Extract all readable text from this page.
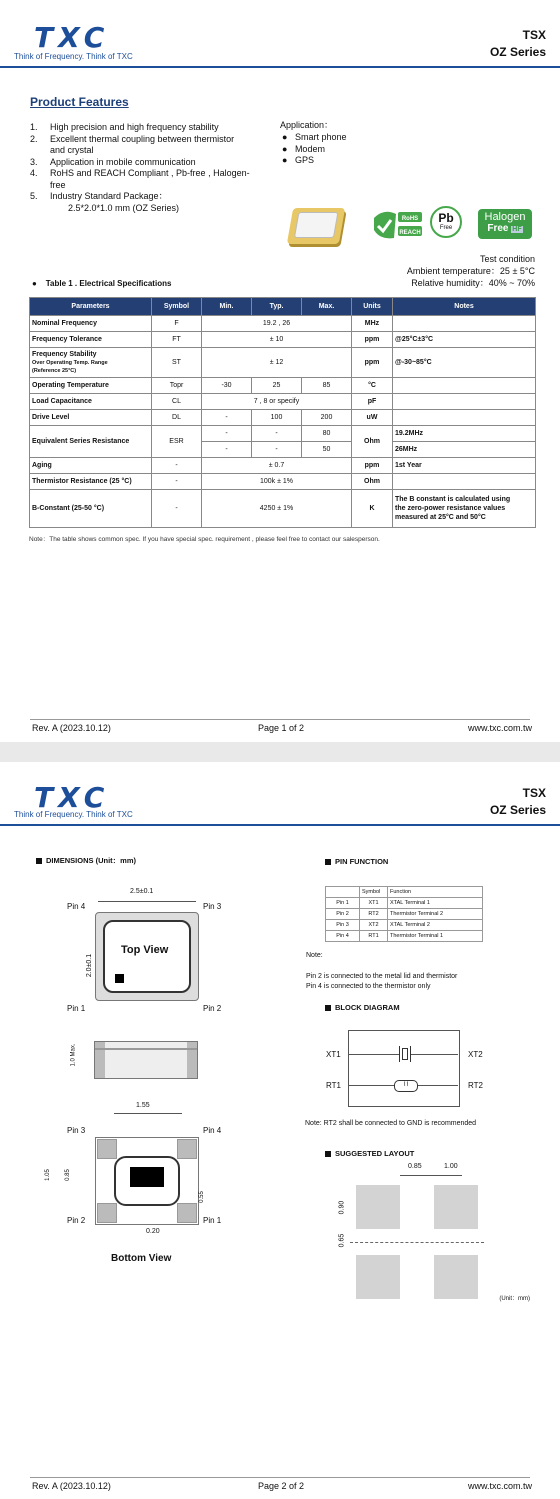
TXC
Think of Frequency. Think of TXC
TSX
OZ Series
Product Features
1. High precision and high frequency stability
2. Excellent thermal coupling between thermistor
and crystal
3. Application in mobile communication
4. RoHS and REACH Compliant , Pb-free , Halogen-
free
5. Industry Standard Package：
2.5*2.0*1.0 mm (OZ Series)
Application：
●   Smart phone
●   Modem
●   GPS
RoHS
REACH
Pb
Free
Halogen
Free HF
Test condition
Ambient temperature：25 ± 5°C
Relative humidity：40% ~ 70%
●    Table 1 . Electrical Specifications
Parameters	Symbol	Min.	Typ.	Max.	Units	Notes
Nominal Frequency	F	19.2 , 26			MHz	
Frequency Tolerance	FT	± 10			ppm	@25°C±3°C

Frequency Stability
Over Operating Temp. Range
(Reference 25°C)	ST	± 12			ppm	@-30~85°C
Operating Temperature	Topr	-30	25	85	°C	
Load Capacitance	CL	7 , 8 or specify			pF	
Drive Level	DL	-	100	200	uW	
Equivalent Series Resistance	ESR	-	-	80	Ohm	19.2MHz
		-	-	50		26MHz
Aging	-	± 0.7			ppm	1st Year
Thermistor Resistance (25 °C)	-	100k ± 1%			Ohm	
B-Constant (25-50 °C)	-	4250 ± 1%			K	The B constant is calculated using
the zero-power resistance values
measured at 25°C and 50°C
Note：The table shows common spec. If you have special spec. requirement , please feel free to contact our salesperson.
Rev. A (2023.10.12)	Page 1 of 2	www.txc.com.tw
TXC
Think of Frequency. Think of TXC
TSX
OZ Series
DIMENSIONS (Unit：mm)
2.5±0.1
Pin 4	Pin 3
2.0±0.1
Top View
Pin 1	Pin 2
1.0 Max.
1.55
Pin 3	Pin 4
1.05 0.85
0.55
Pin 2	Pin 1
0.20
Bottom View
PIN FUNCTION
	Symbol	Function
Pin 1	XT1	XTAL Terminal 1
Pin 2	RT2	Thermistor Terminal 2
Pin 3	XT2	XTAL Terminal 2
Pin 4	RT1	Thermistor Terminal 1
Note:
Pin 2 is connected to the metal lid and thermistor
Pin 4 is connected to the thermistor only
BLOCK DIAGRAM
⌇⌇
XT1	XT2
RT1	RT2
Note: RT2 shall be connected to GND is recommended
SUGGESTED LAYOUT
0.85	1.00
0.90
0.65
(Unit：mm)
Rev. A (2023.10.12)	Page 2 of 2	www.txc.com.tw
